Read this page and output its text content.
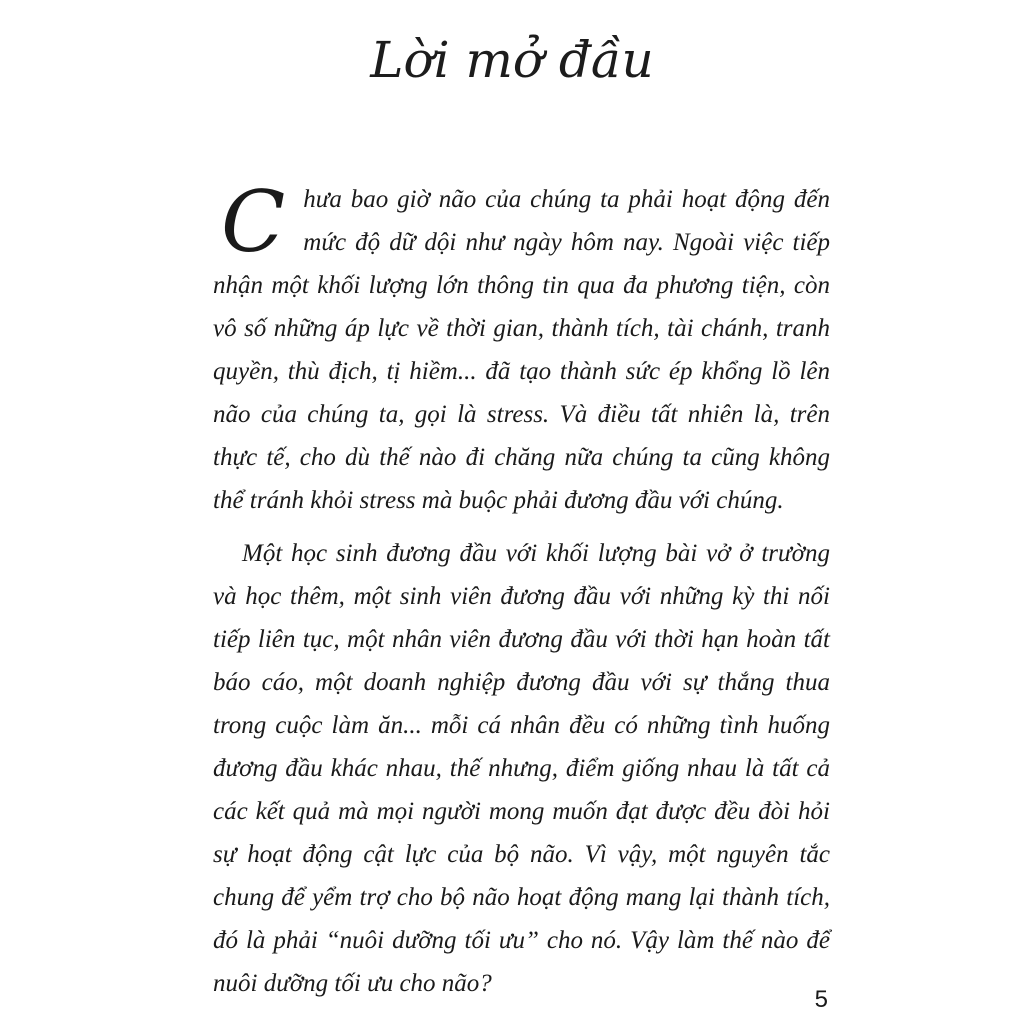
Lời mở đầu

Chưa bao giờ não của chúng ta phải hoạt động đến mức độ dữ dội như ngày hôm nay. Ngoài việc tiếp nhận một khối lượng lớn thông tin qua đa phương tiện, còn vô số những áp lực về thời gian, thành tích, tài chánh, tranh quyền, thù địch, tị hiềm... đã tạo thành sức ép khổng lồ lên não của chúng ta, gọi là stress. Và điều tất nhiên là, trên thực tế, cho dù thế nào đi chăng nữa chúng ta cũng không thể tránh khỏi stress mà buộc phải đương đầu với chúng.

Một học sinh đương đầu với khối lượng bài vở ở trường và học thêm, một sinh viên đương đầu với những kỳ thi nối tiếp liên tục, một nhân viên đương đầu với thời hạn hoàn tất báo cáo, một doanh nghiệp đương đầu với sự thắng thua trong cuộc làm ăn... mỗi cá nhân đều có những tình huống đương đầu khác nhau, thế nhưng, điểm giống nhau là tất cả các kết quả mà mọi người mong muốn đạt được đều đòi hỏi sự hoạt động cật lực của bộ não. Vì vậy, một nguyên tắc chung để yểm trợ cho bộ não hoạt động mang lại thành tích, đó là phải “nuôi dưỡng tối ưu” cho nó. Vậy làm thế nào để nuôi dưỡng tối ưu cho não?

5
